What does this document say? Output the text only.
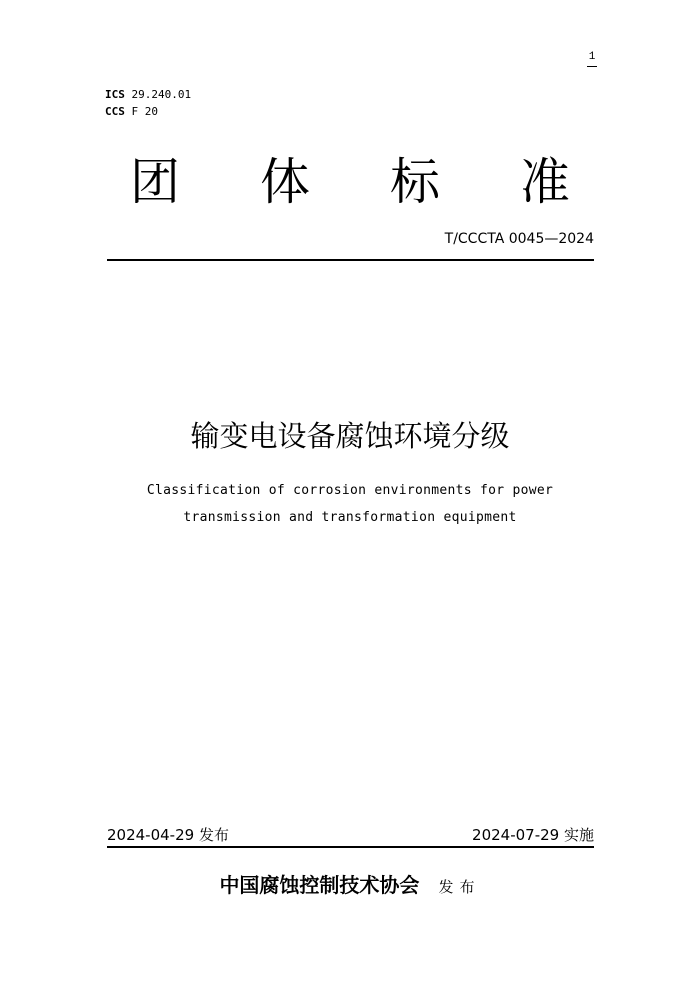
1
ICS 29.240.01
CCS F 20
团 体 标 准
T/CCCTA 0045—2024
输变电设备腐蚀环境分级
Classification of corrosion environments for power
transmission and transformation equipment
2024-04-29 发布	2024-07-29 实施
中国腐蚀控制技术协会 发布
